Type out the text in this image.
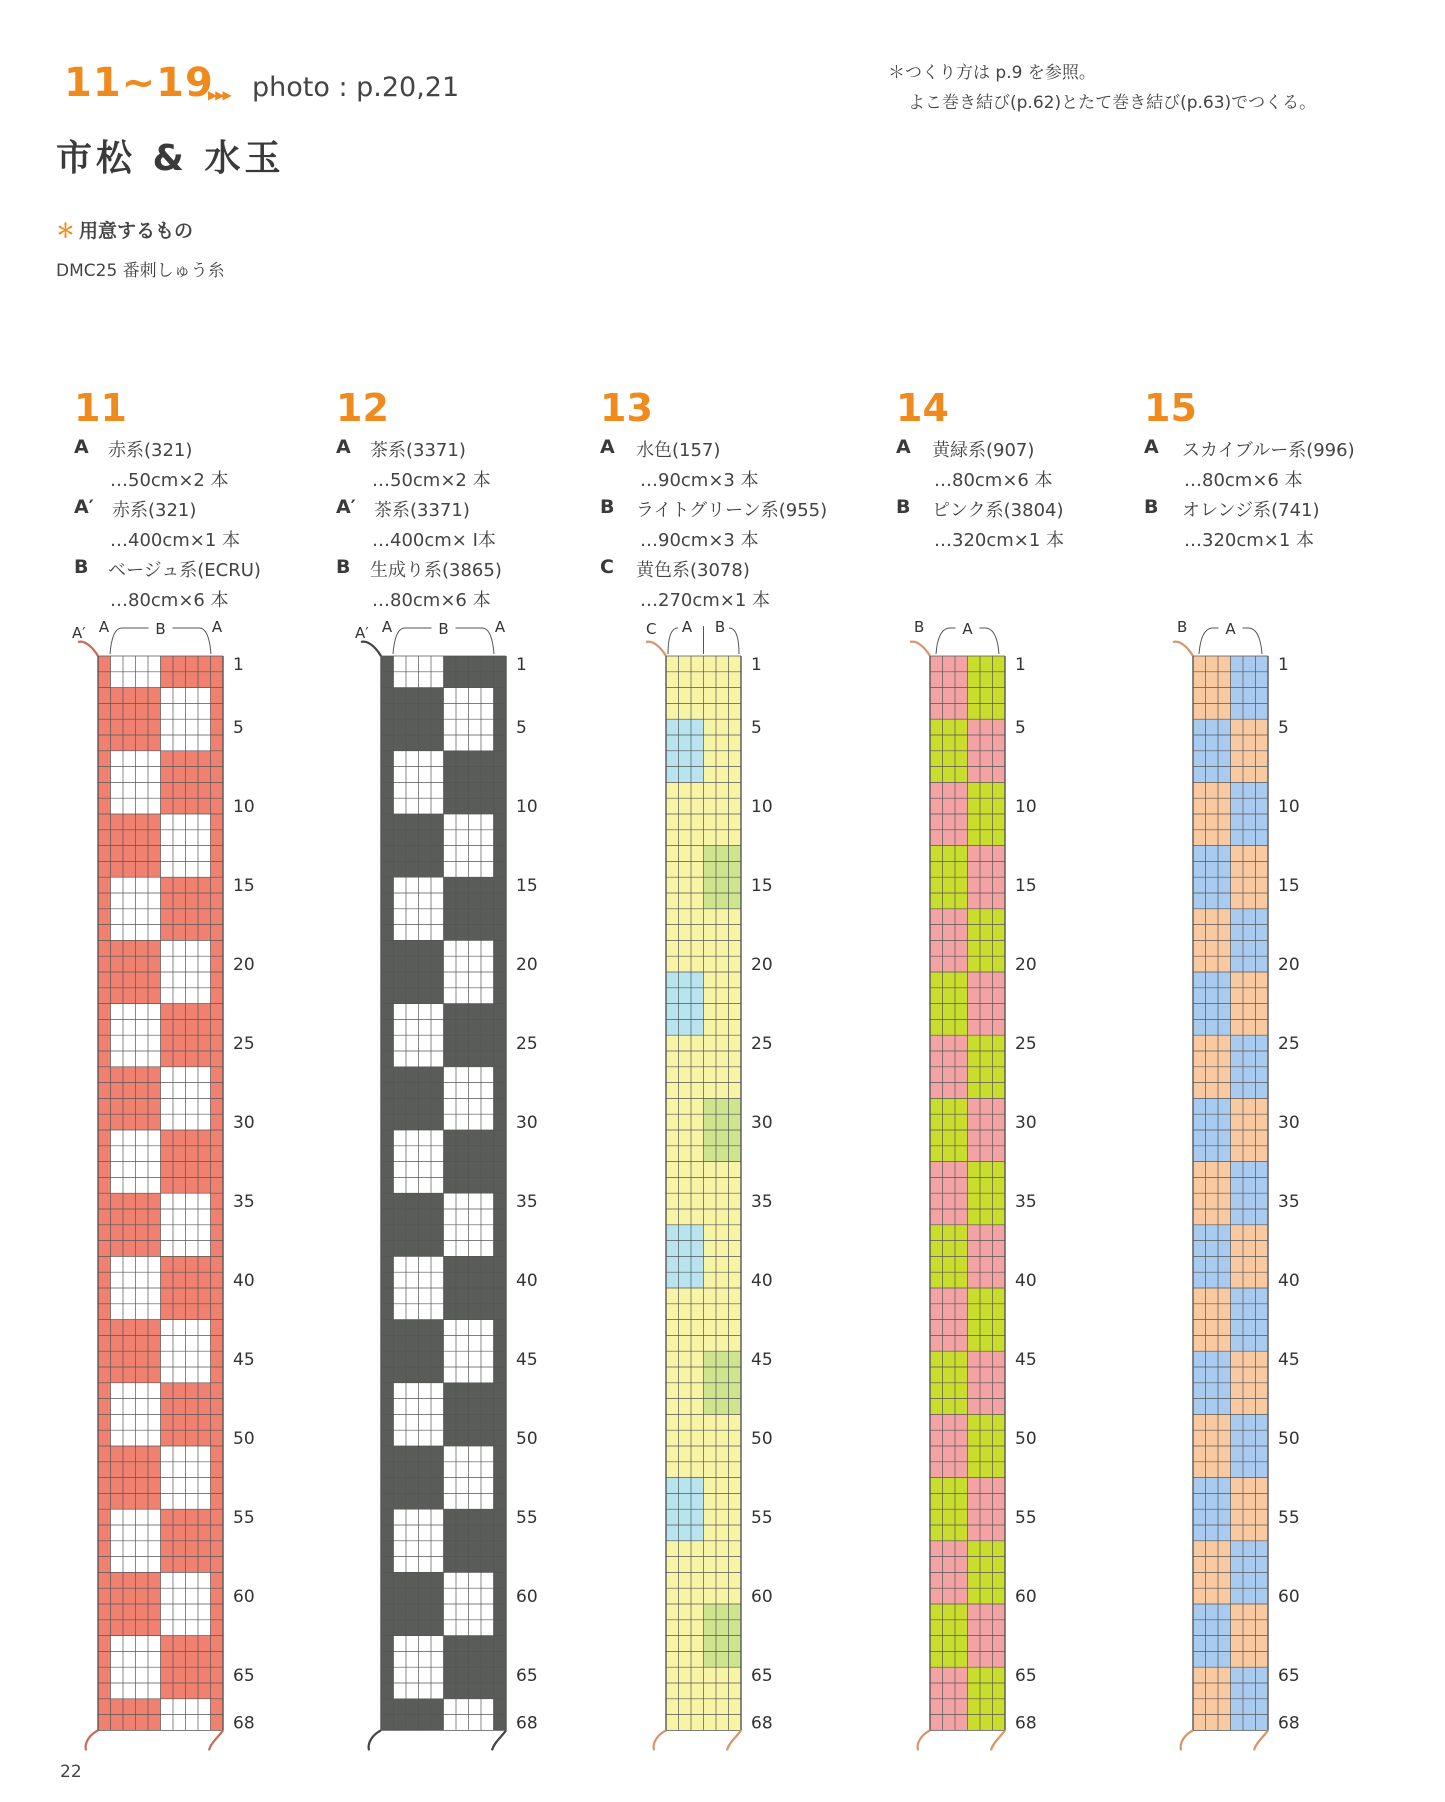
11~19
▶▶▶ photo : p.20,21
市松 & 水玉
＊つくり方は p.9 を参照。
よこ巻き結び(p.62)とたて巻き結び(p.63)でつくる。
＊ 用意するもの
DMC25 番刺しゅう糸
11	12	13	14	15
A 赤系(321)
…50cm×2 本
A′ 赤系(321)
…400cm×1 本
B ベージュ系(ECRU)
…80cm×6 本
A 茶系(3371)
…50cm×2 本
A′ 茶系(3371)
…400cm× Ⅰ本
B 生成り系(3865)
…80cm×6 本
A 水色(157)
…90cm×3 本
B ライトグリーン系(955)
…90cm×3 本
C 黄色系(3078)
…270cm×1 本
A 黄緑系(907)
…80cm×6 本
B ピンク系(3804)
…320cm×1 本
A スカイブルー系(996)
…80cm×6 本
B オレンジ系(741)
…320cm×1 本
A′ A	B	A
1
5
10
15
20
25
30
35
40
45
50
55
60
65
68
A′ A	B	A
1
5
10
15
20
25
30
35
40
45
50
55
60
65
68
C A B
1
5
10
15
20
25
30
35
40
45
50
55
60
65
68
B	A
1
5
10
15
20
25
30
35
40
45
50
55
60
65
68
B	A
1
5
10
15
20
25
30
35
40
45
50
55
60
65
68
22
